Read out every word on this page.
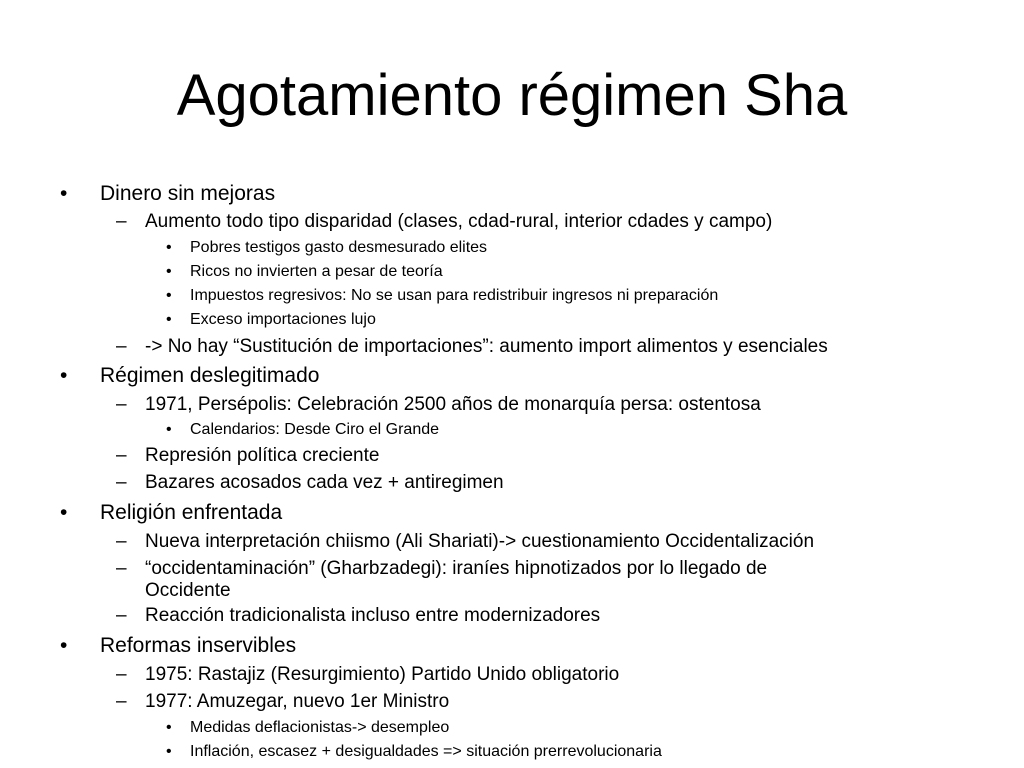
Agotamiento régimen Sha
• Dinero sin mejoras
– Aumento todo tipo disparidad (clases, cdad-rural, interior cdades y campo)
• Pobres testigos gasto desmesurado elites
• Ricos no invierten a pesar de teoría
• Impuestos regresivos: No se usan para redistribuir ingresos ni preparación
• Exceso importaciones lujo
– -> No hay “Sustitución de importaciones”: aumento import alimentos y esenciales
• Régimen deslegitimado
– 1971, Persépolis: Celebración 2500 años de monarquía persa: ostentosa
• Calendarios: Desde Ciro el Grande
– Represión política creciente
– Bazares acosados cada vez + antiregimen
• Religión enfrentada
– Nueva interpretación chiismo (Ali Shariati)-> cuestionamiento Occidentalización
– “occidentaminación” (Gharbzadegi): iraníes hipnotizados por lo llegado de
Occidente
– Reacción tradicionalista incluso entre modernizadores
• Reformas inservibles
– 1975: Rastajiz (Resurgimiento) Partido Unido obligatorio
– 1977: Amuzegar, nuevo 1er Ministro
• Medidas deflacionistas-> desempleo
• Inflación, escasez + desigualdades => situación prerrevolucionaria
